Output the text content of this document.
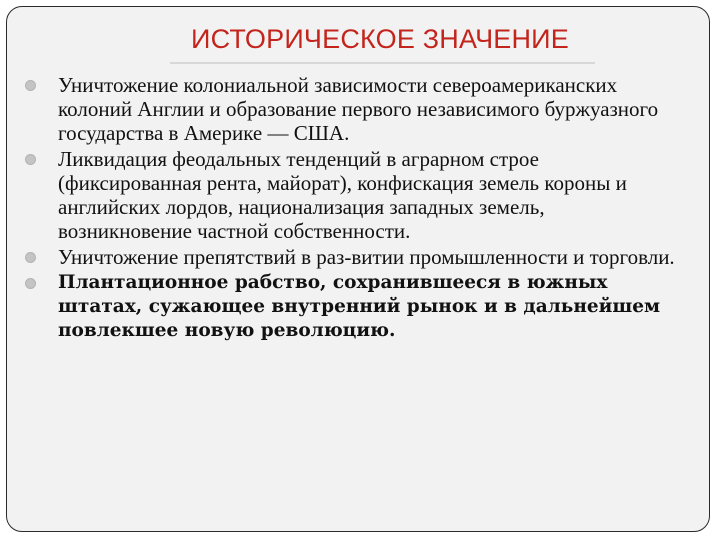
ИСТОРИЧЕСКОЕ ЗНАЧЕНИЕ
Уничтожение колониальной зависимости североамериканских колоний Англии и образование первого независимого буржуазного государства в Америке — США.
Ликвидация феодальных тенденций в аграрном строе (фиксированная рента, майорат), конфискация земель короны и английских лордов, национализация западных земель, возникновение частной собственности.
Уничтожение препятствий в раз-витии промышленности и торговли.
Плантационное рабство, сохранившееся в южных штатах, сужающее внутренний рынок и в дальнейшем повлекшее новую революцию.
